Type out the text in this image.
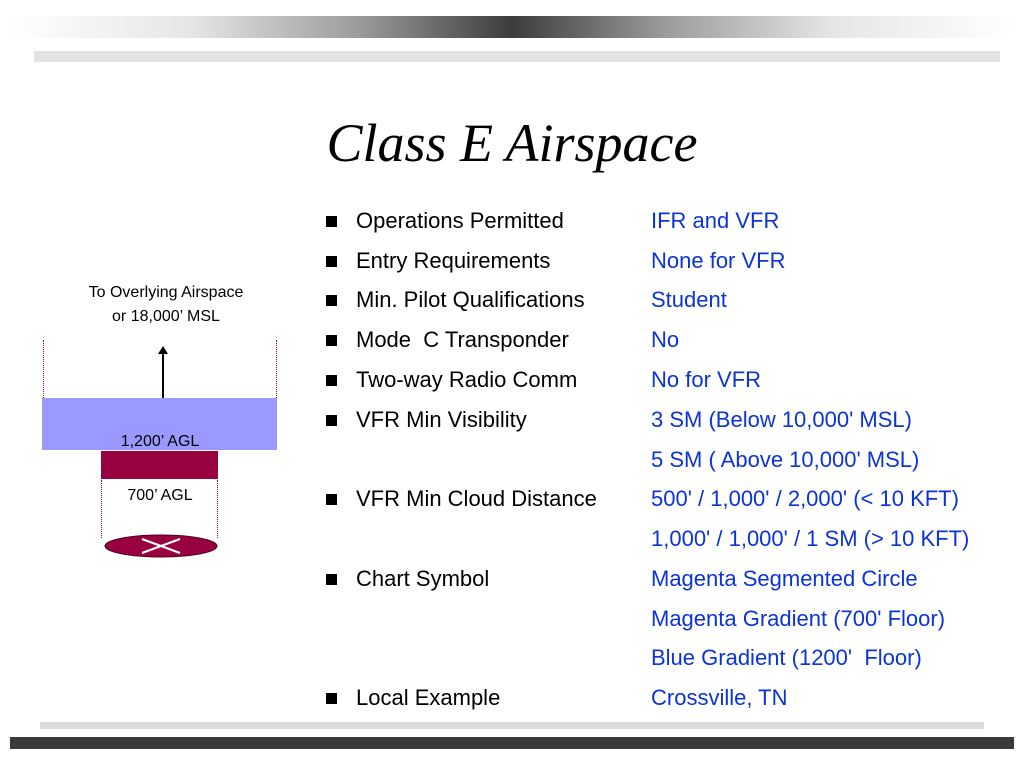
Class E Airspace
To Overlying Airspace
or 18,000’ MSL
1,200’ AGL
700’ AGL
Operations Permitted	IFR and VFR
Entry Requirements	None for VFR
Min. Pilot Qualifications	Student
Mode  C Transponder	No
Two-way Radio Comm	No for VFR
VFR Min Visibility	3 SM (Below 10,000' MSL)
5 SM ( Above 10,000' MSL)
VFR Min Cloud Distance 500' / 1,000' / 2,000' (< 10 KFT)
1,000' / 1,000' / 1 SM (> 10 KFT)
Chart Symbol	Magenta Segmented Circle
Magenta Gradient (700' Floor)
Blue Gradient (1200'  Floor)
Local Example	Crossville, TN
